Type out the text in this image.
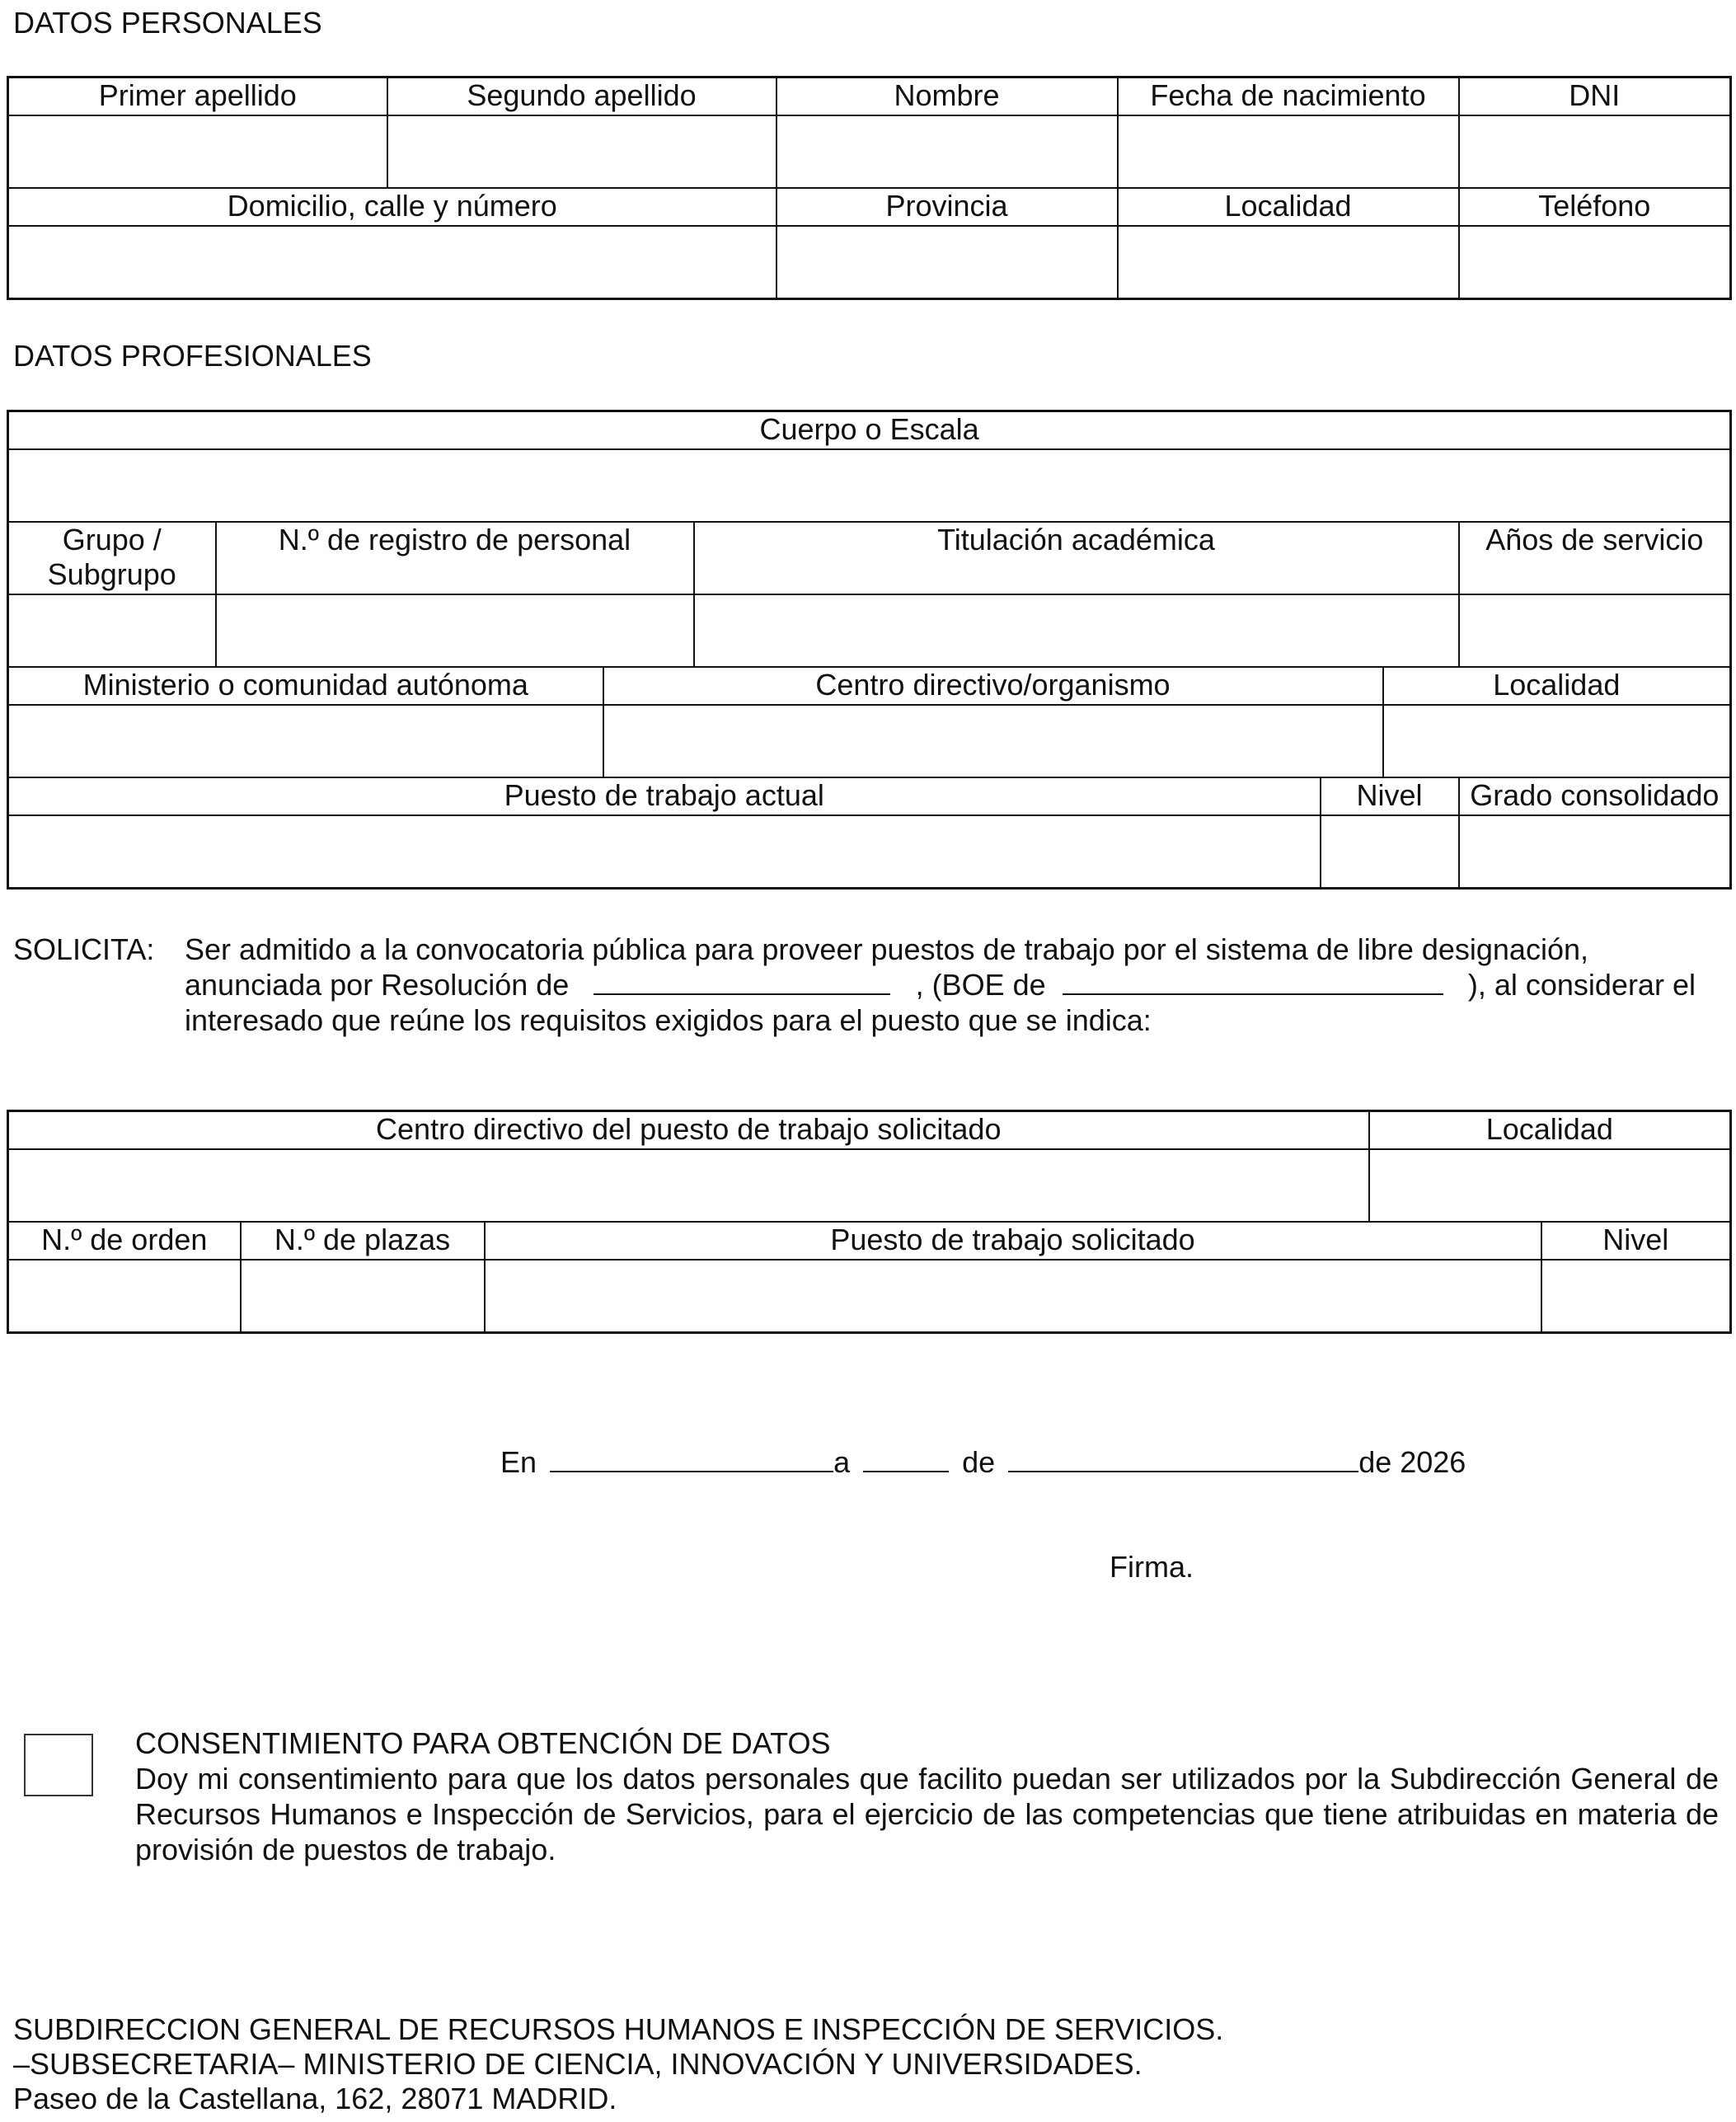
DATOS PERSONALES
Primer apellido	Segundo apellido	Nombre	Fecha de nacimiento	DNI

Domicilio, calle y número		Provincia	Localidad	Teléfono

DATOS PROFESIONALES
Cuerpo o Escala						

Grupo / Subgrupo	N.º de registro de personal		Titulación académica			Años de servicio

Ministerio o comunidad autónoma		Centro directivo/organismo			Localidad	

Puesto de trabajo actual				Nivel		Grado consolidado

SOLICITA: Ser admitido a la convocatoria pública para proveer puestos de trabajo por el sistema de libre designación,
anunciada por Resolución de	, (BOE de	), al considerar el
interesado que reúne los requisitos exigidos para el puesto que se indica:
Centro directivo del puesto de trabajo solicitado			Localidad	

N.º de orden	N.º de plazas	Puesto de trabajo solicitado		Nivel

En	a	de	de 2026
Firma.
CONSENTIMIENTO PARA OBTENCIÓN DE DATOS
Doy mi consentimiento para que los datos personales que facilito puedan ser utilizados por la Subdirección General de Recursos Humanos e Inspección de Servicios, para el ejercicio de las competencias que tiene atribuidas en materia de provisión de puestos de trabajo.
SUBDIRECCION GENERAL DE RECURSOS HUMANOS E INSPECCIÓN DE SERVICIOS.
–SUBSECRETARIA– MINISTERIO DE CIENCIA, INNOVACIÓN Y UNIVERSIDADES.
Paseo de la Castellana, 162, 28071 MADRID.
